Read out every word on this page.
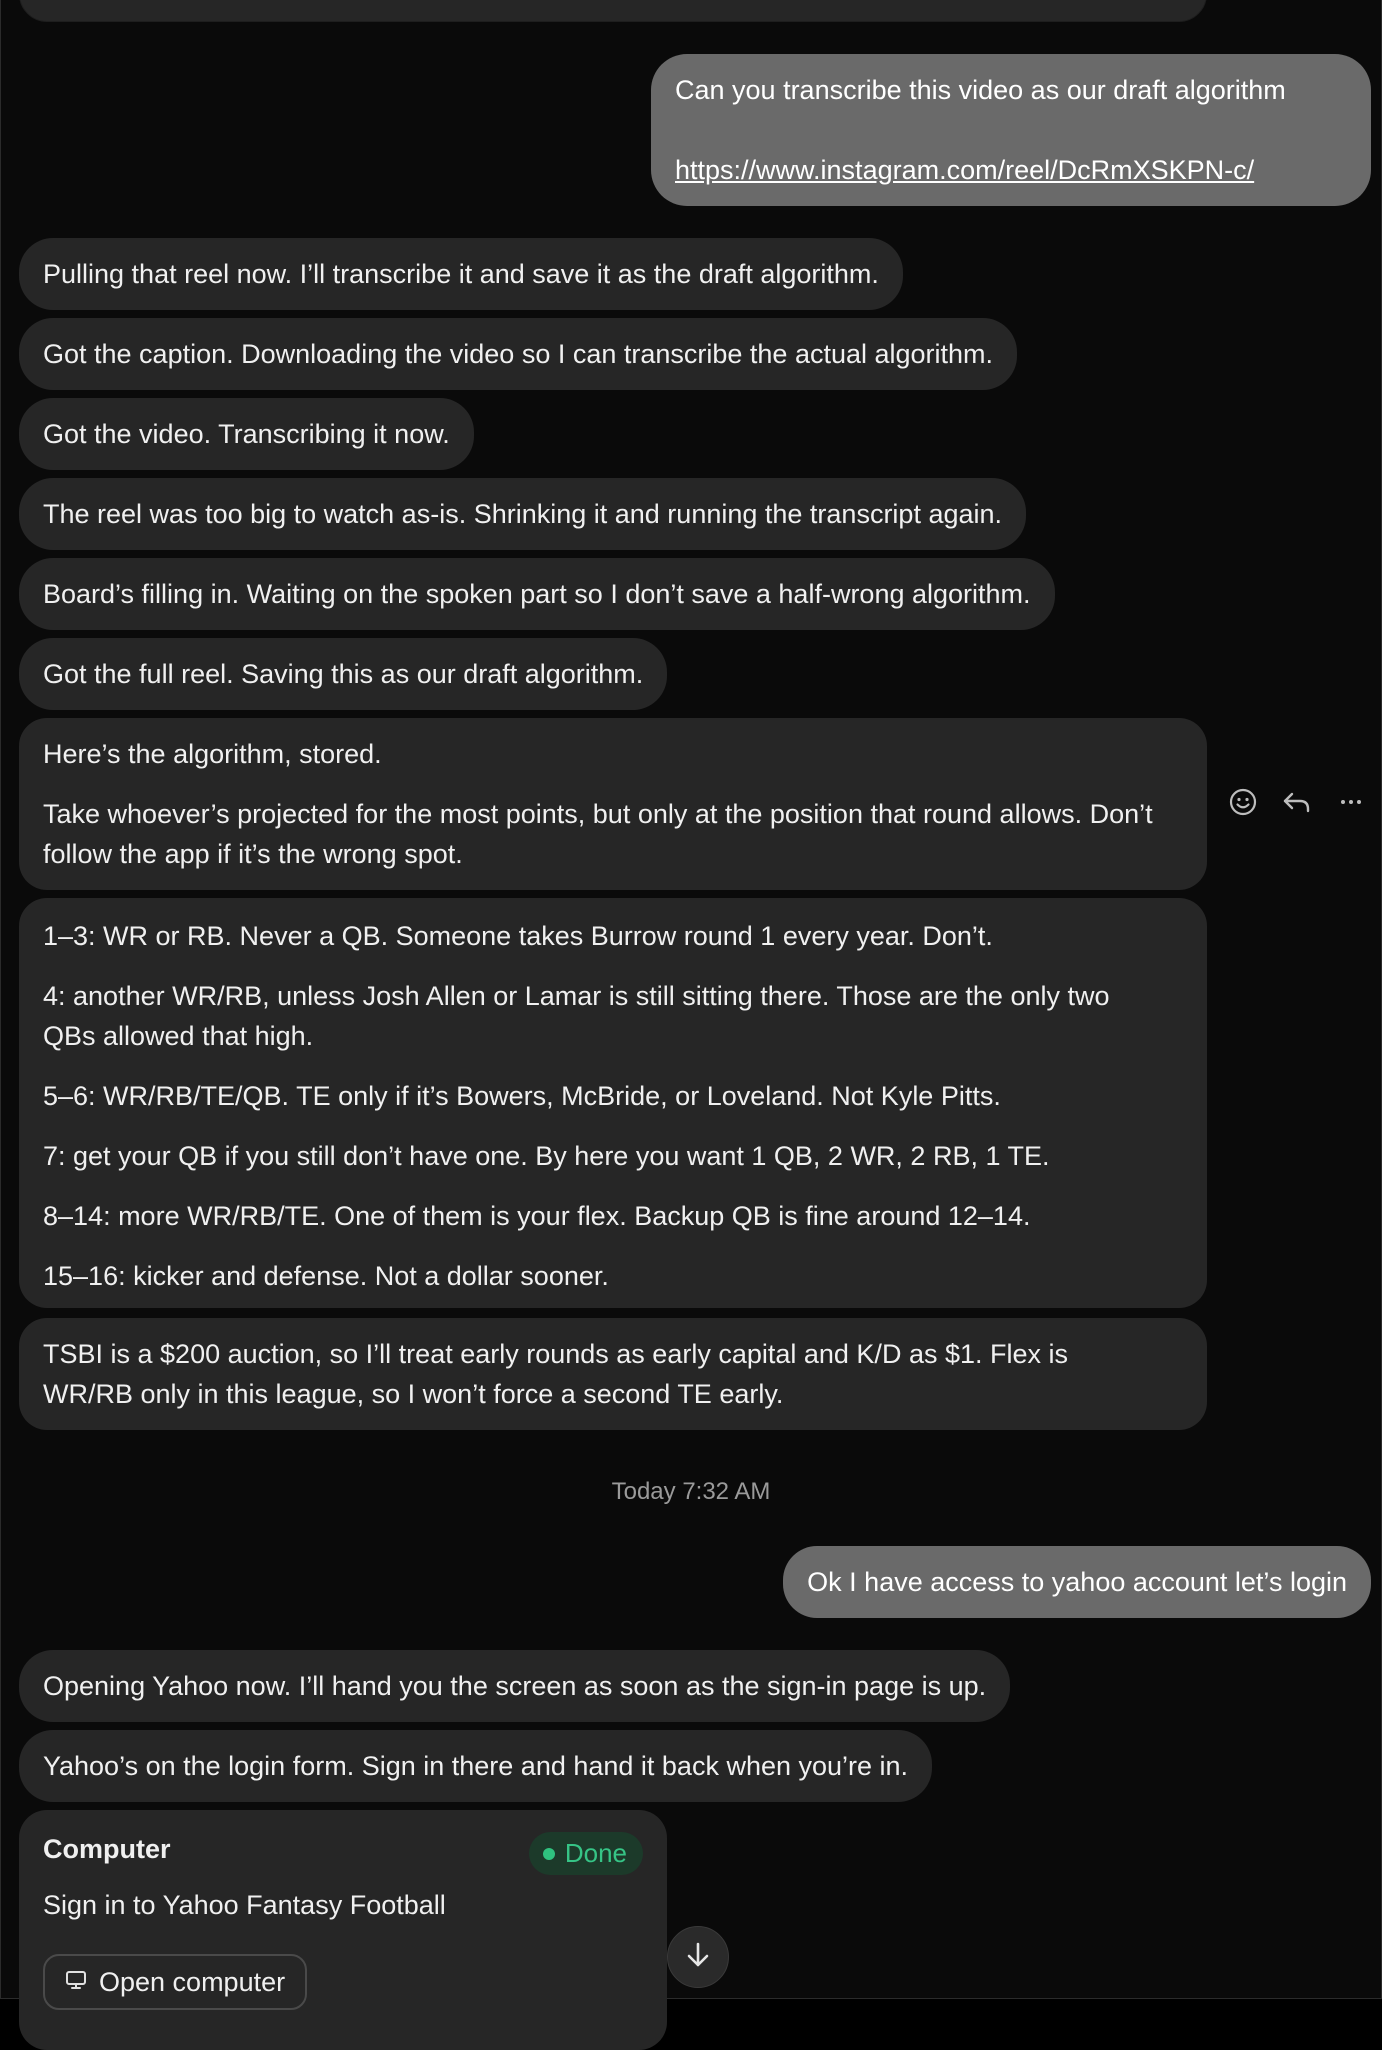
Can you transcribe this video as our draft algorithm
https://www.instagram.com/reel/DcRmXSKPN-c/
Pulling that reel now. I’ll transcribe it and save it as the draft algorithm.
Got the caption. Downloading the video so I can transcribe the actual algorithm.
Got the video. Transcribing it now.
The reel was too big to watch as-is. Shrinking it and running the transcript again.
Board’s filling in. Waiting on the spoken part so I don’t save a half-wrong algorithm.
Got the full reel. Saving this as our draft algorithm.

Here’s the algorithm, stored.

Take whoever’s projected for the most points, but only at the position that round allows. Don’t follow the app if it’s the wrong spot.

1–3: WR or RB. Never a QB. Someone takes Burrow round 1 every year. Don’t.

4: another WR/RB, unless Josh Allen or Lamar is still sitting there. Those are the only two QBs allowed that high.

5–6: WR/RB/TE/QB. TE only if it’s Bowers, McBride, or Loveland. Not Kyle Pitts.

7: get your QB if you still don’t have one. By here you want 1 QB, 2 WR, 2 RB, 1 TE.

8–14: more WR/RB/TE. One of them is your flex. Backup QB is fine around 12–14.

15–16: kicker and defense. Not a dollar sooner.

TSBI is a $200 auction, so I’ll treat early rounds as early capital and K/D as $1. Flex is WR/RB only in this league, so I won’t force a second TE early.

Today 7:32 AM
Ok I have access to yahoo account let’s login
Opening Yahoo now. I’ll hand you the screen as soon as the sign-in page is up.
Yahoo’s on the login form. Sign in there and hand it back when you’re in.
Computer	Done
Sign in to Yahoo Fantasy Football
Open computer
